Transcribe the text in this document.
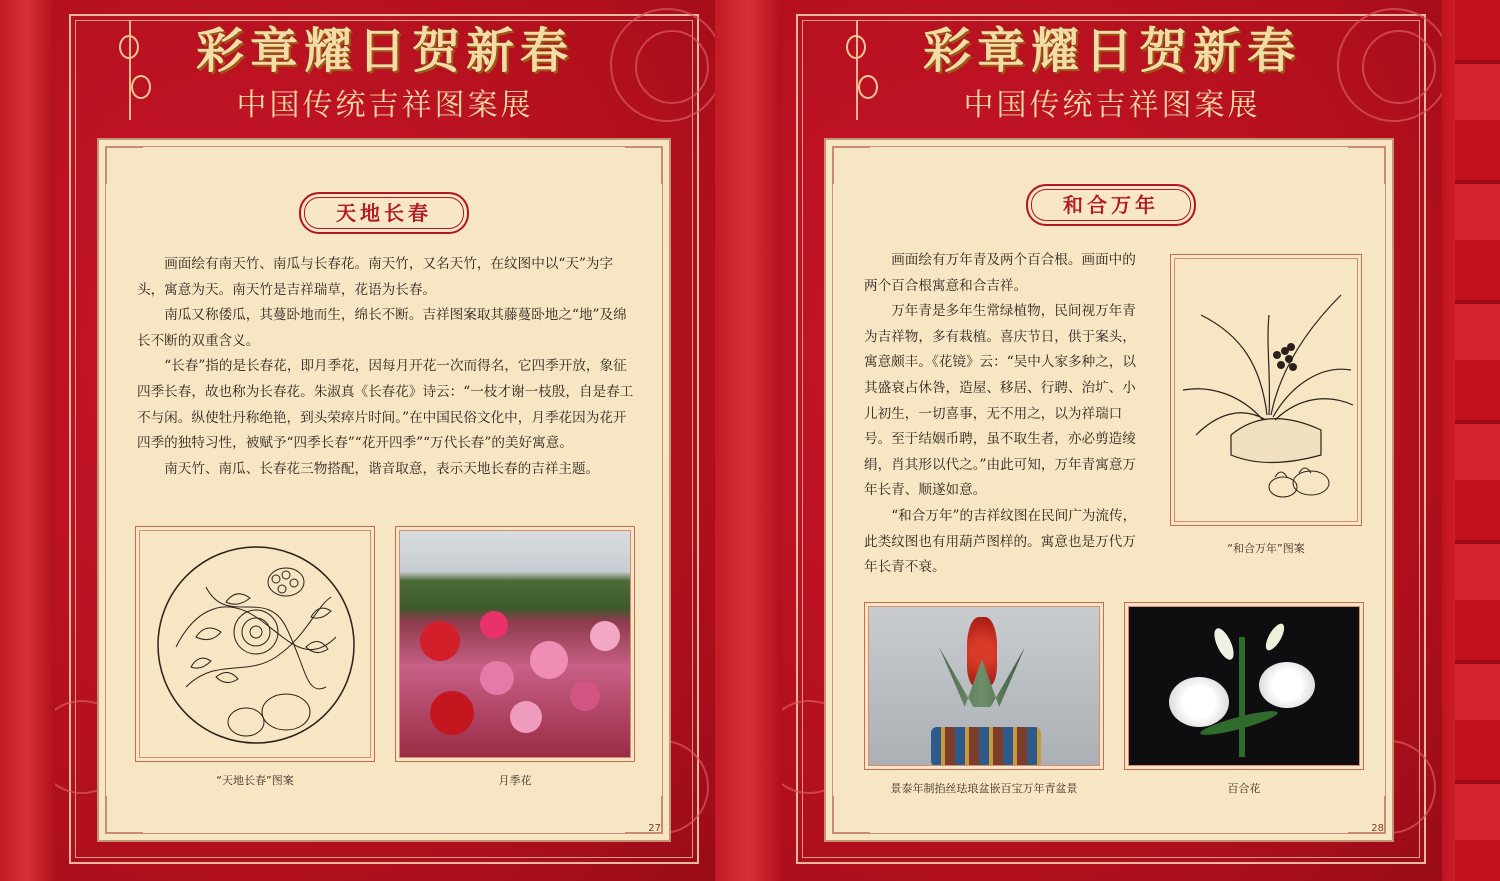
彩章耀日贺新春
中国传统吉祥图案展
天地长春

画面绘有南天竹、南瓜与长春花。南天竹，又名天竹，在纹图中以“天”为字头，寓意为天。南天竹是吉祥瑞草，花语为长春。

南瓜又称倭瓜，其蔓卧地而生，绵长不断。吉祥图案取其藤蔓卧地之“地”及绵长不断的双重含义。

“长春”指的是长春花，即月季花，因每月开花一次而得名，它四季开放，象征四季长春，故也称为长春花。朱淑真《长春花》诗云：“一枝才谢一枝殷，自是春工不与闲。纵使牡丹称绝艳，到头荣瘁片时间。”在中国民俗文化中，月季花因为花开四季的独特习性，被赋予“四季长春”“花开四季”“万代长春”的美好寓意。

南天竹、南瓜、长春花三物搭配，谐音取意，表示天地长春的吉祥主题。

“天地长春”图案	月季花
27
彩章耀日贺新春
中国传统吉祥图案展
和合万年

画面绘有万年青及两个百合根。画面中的两个百合根寓意和合吉祥。

万年青是多年生常绿植物，民间视万年青为吉祥物，多有栽植。喜庆节日，供于案头，寓意颇丰。《花镜》云：“吴中人家多种之，以其盛衰占休咎，造屋、移居、行聘、治圹、小儿初生，一切喜事，无不用之，以为祥瑞口号。至于结姻币聘，虽不取生者，亦必剪造绫绢，肖其形以代之。”由此可知，万年青寓意万年长青、顺遂如意。

“和合万年”的吉祥纹图在民间广为流传，此类纹图也有用葫芦图样的。寓意也是万代万年长青不衰。

“和合万年”图案
景泰年制掐丝珐琅盆嵌百宝万年青盆景	百合花
28
